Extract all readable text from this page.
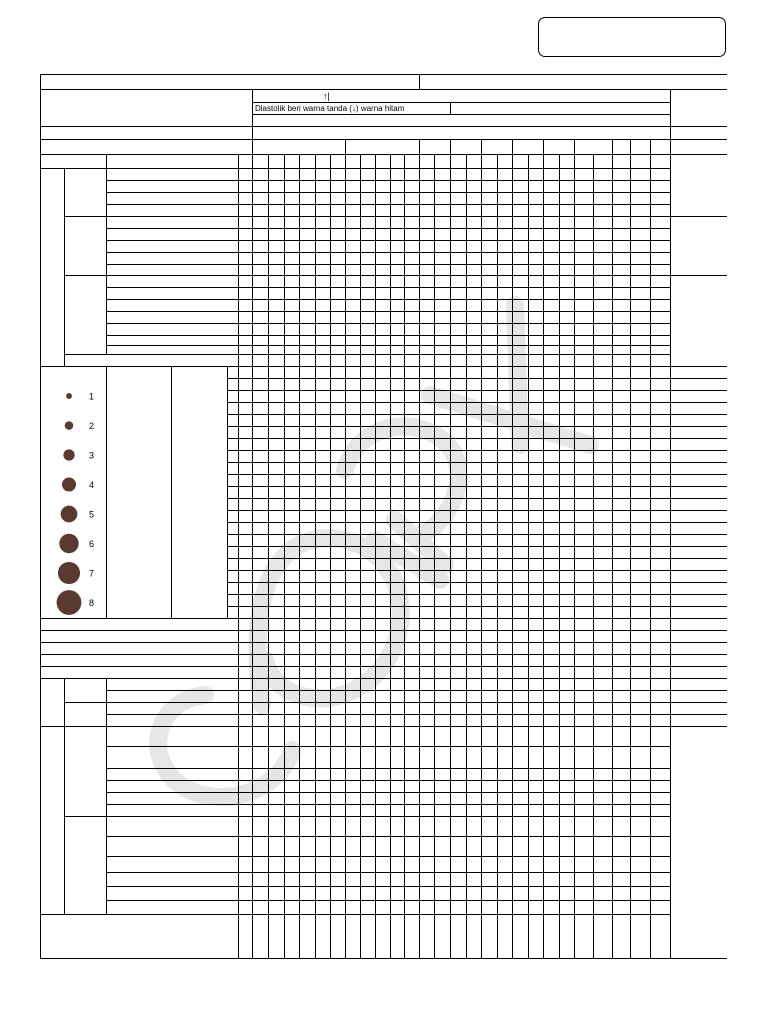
↑|
Diastolik beri warna tanda (↓) warna hitam
1
2
3
4
5
6
7
8
